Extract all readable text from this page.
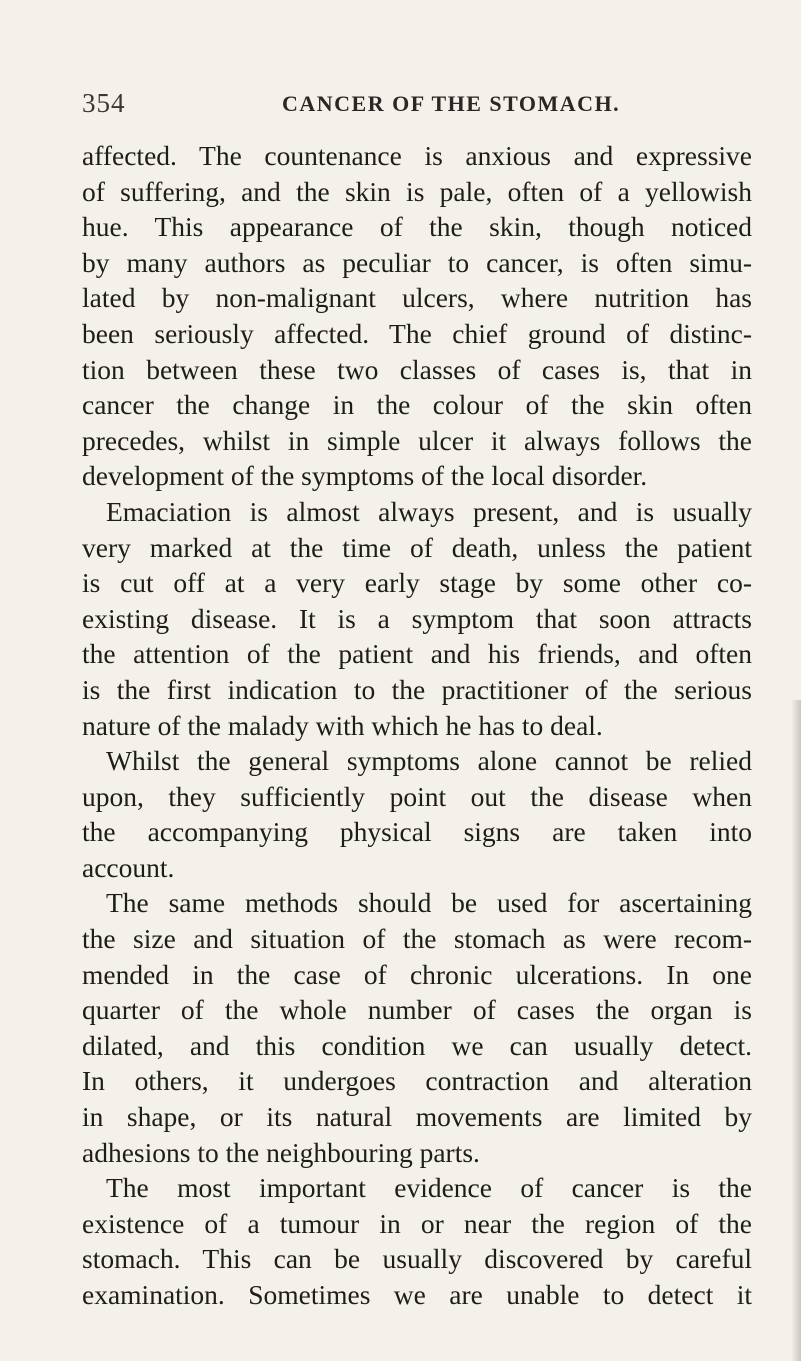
354	CANCER OF THE STOMACH.
affected. The countenance is anxious and expressive
of suffering, and the skin is pale, often of a yellowish
hue. This appearance of the skin, though noticed
by many authors as peculiar to cancer, is often simu-
lated by non-malignant ulcers, where nutrition has
been seriously affected. The chief ground of distinc-
tion between these two classes of cases is, that in
cancer the change in the colour of the skin often
precedes, whilst in simple ulcer it always follows the
development of the symptoms of the local disorder.
Emaciation is almost always present, and is usually
very marked at the time of death, unless the patient
is cut off at a very early stage by some other co-
existing disease. It is a symptom that soon attracts
the attention of the patient and his friends, and often
is the first indication to the practitioner of the serious
nature of the malady with which he has to deal.
Whilst the general symptoms alone cannot be relied
upon, they sufficiently point out the disease when
the accompanying physical signs are taken into
account.
The same methods should be used for ascertaining
the size and situation of the stomach as were recom-
mended in the case of chronic ulcerations. In one
quarter of the whole number of cases the organ is
dilated, and this condition we can usually detect.
In others, it undergoes contraction and alteration
in shape, or its natural movements are limited by
adhesions to the neighbouring parts.
The most important evidence of cancer is the
existence of a tumour in or near the region of the
stomach. This can be usually discovered by careful
examination. Sometimes we are unable to detect it
